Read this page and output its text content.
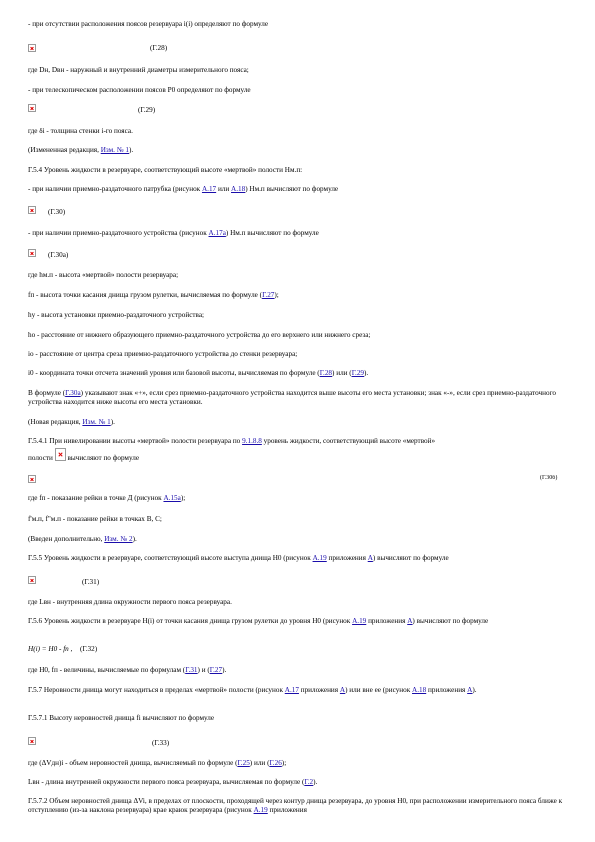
- при отсутствии расположения поясов резервуара i(i) определяют по формуле
(Г.28)
где Dн, Dвн - наружный и внутренний диаметры измерительного пояса;
- при телескопическом расположении поясов Р0 определяют по формуле
(Г.29)
где δi - толщина стенки i-го пояса.
(Измененная редакция, Изм. № 1).
Г.5.4 Уровень жидкости в резервуаре, соответствующий высоте «мертвой» полости Hм.п:
- при наличии приемно-раздаточного патрубка (рисунок А.17 или А.18) Hм.п вычисляют по формуле
(Г.30)
- при наличии приемно-раздаточного устройства (рисунок А.17а) Hм.п вычисляют по формуле
(Г.30а)
где hм.п - высота «мертвой» полости резервуара;
fп - высота точки касания днища грузом рулетки, вычисляемая по формуле (Г.27);
hу - высота установки приемно-раздаточного устройства;
hо - расстояние от нижнего образующего приемно-раздаточного устройства до его верхнего или нижнего среза;
iо - расстояние от центра среза приемно-раздаточного устройства до стенки резервуара;
i0 - координата точки отсчета значений уровня или базовой высоты, вычисляемая по формуле (Г.28) или (Г.29).
В формуле (Г.30а) указывают знак «+», если срез приемно-раздаточного устройства находится выше высоты его места установки; знак «-», если срез приемно-раздаточного устройства находится ниже высоты его места установки.
(Новая редакция, Изм. № 1).
Г.5.4.1 При нивелировании высоты «мертвой» полости резервуара по 9.1.8.8 уровень жидкости, соответствующий высоте «мертвой»
полости  вычисляют по формуле
(Г.30б)
где fп - показание рейки в точке Д (рисунок А.15а);
f'м.п, f"м.п - показание рейки в точках В, С;
(Введен дополнительно, Изм. № 2).
Г.5.5 Уровень жидкости в резервуаре, соответствующий высоте выступа днища H0 (рисунок А.19 приложения А) вычисляют по формуле
(Г.31)
где Lвн - внутренняя длина окружности первого пояса резервуара.
Г.5.6 Уровень жидкости в резервуаре H(i) от точки касания днища грузом рулетки до уровня H0 (рисунок А.19 приложения А) вычисляют по формуле
H(i) = H0 - fп , (Г.32)
где H0, fп - величины, вычисляемые по формулам (Г.31) и (Г.27).
Г.5.7 Неровности днища могут находиться в пределах «мертвой» полости (рисунок А.17 приложения А) или вне ее (рисунок А.18 приложения А).
Г.5.7.1 Высоту неровностей днища fi вычисляют по формуле
(Г.33)
где (ΔVдн)i - объем неровностей днища, вычисляемый по формуле (Г.25) или (Г.26);
Lвн - длина внутренней окружности первого пояса резервуара, вычисляемая по формуле (Г.2).
Г.5.7.2 Объем неровностей днища ΔVi, в пределах от плоскости, проходящей через контур днища резервуара, до уровня H0, при расположении измерительного пояса ближе к отступлению (из-за наклона резервуара) крае краюк резервуара (рисунок А.19 приложения
